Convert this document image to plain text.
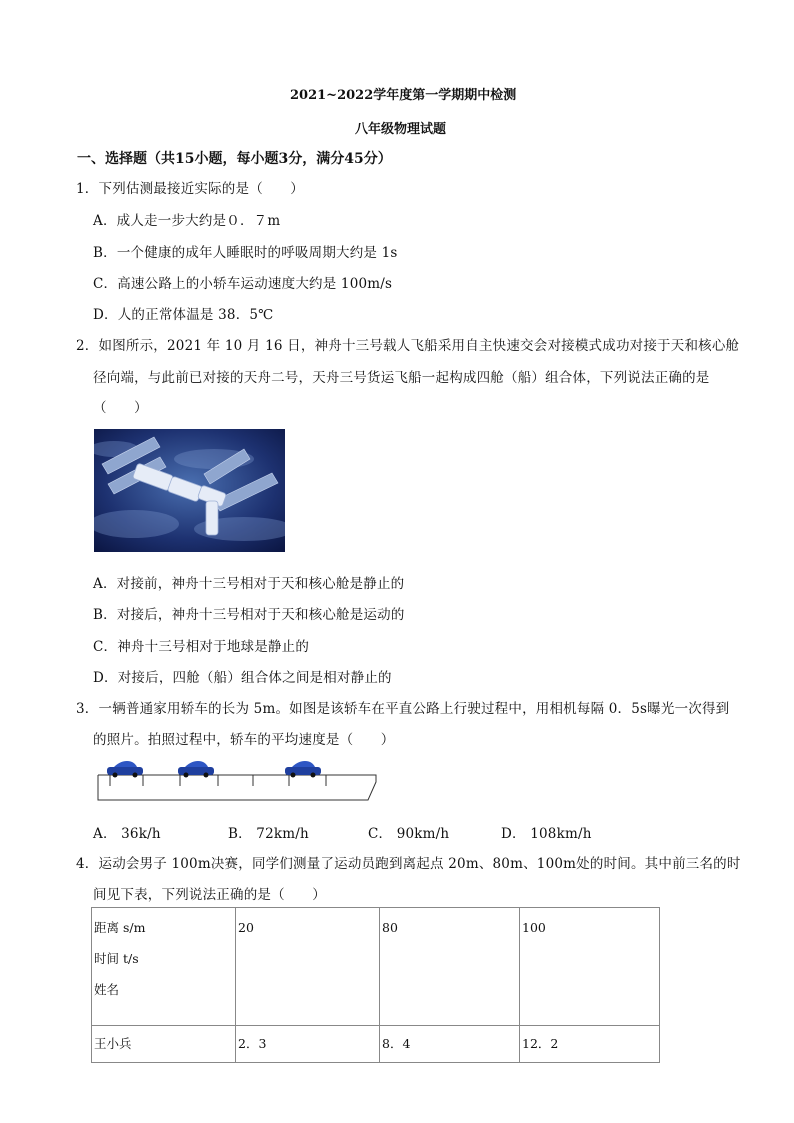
2021~2022学年度第一学期期中检测
八年级物理试题
一、选择题（共15小题，每小题3分，满分45分）
1．下列估测最接近实际的是（　　）
A．成人走一步大约是０．７m
B．一个健康的成年人睡眠时的呼吸周期大约是 1s
C．高速公路上的小轿车运动速度大约是 100m/s
D．人的正常体温是 38．5℃
2．如图所示，2021 年 10 月 16 日，神舟十三号载人飞船采用自主快速交会对接模式成功对接于天和核心舱
径向端，与此前已对接的天舟二号，天舟三号货运飞船一起构成四舱（船）组合体，下列说法正确的是
（　　）
A．对接前，神舟十三号相对于天和核心舱是静止的
B．对接后，神舟十三号相对于天和核心舱是运动的
C．神舟十三号相对于地球是静止的
D．对接后，四舱（船）组合体之间是相对静止的
3．一辆普通家用轿车的长为 5m。如图是该轿车在平直公路上行驶过程中，用相机每隔 0．5s曝光一次得到
的照片。拍照过程中，轿车的平均速度是（　　）
A． 36k/h	B． 72km/h	C． 90km/h	D． 108km/h
4．运动会男子 100m决赛，同学们测量了运动员跑到离起点 20m、80m、100m处的时间。其中前三名的时
间见下表，下列说法正确的是（　　）
距离 s/m
时间 t/s
姓名	20	80	100
王小兵	2．3	8．4	12．2
